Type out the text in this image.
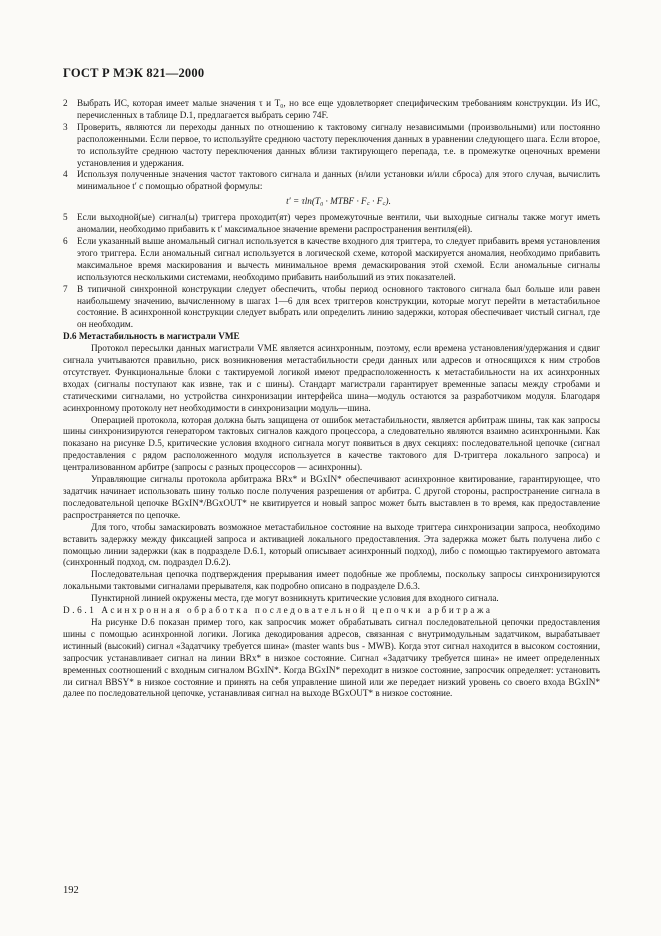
ГОСТ Р МЭК 821—2000
2	Выбрать ИС, которая имеет малые значения τ и Т₀, но все еще удовлетворяет специфическим требованиям конструкции. Из ИС, перечисленных в таблице D.1, предлагается выбрать серию 74F.
3	Проверить, являются ли переходы данных по отношению к тактовому сигналу независимыми (произвольными) или постоянно расположенными. Если первое, то используйте среднюю частоту переключения данных в уравнении следующего шага. Если второе, то используйте среднюю частоту переключения данных вблизи тактирующего перепада, т.е. в промежутке оценочных времени установления и удержания.
4	Используя полученные значения частот тактового сигнала и данных (н/или установки и/или сброса) для этого случая, вычислить минимальное t′ с помощью обратной формулы:
t′ = τln(T₀ · MTBF · F꜀ · F꜀).
5	Если выходной(ые) сигнал(ы) триггера проходит(ят) через промежуточные вентили, чьи выходные сигналы также могут иметь аномалии, необходимо прибавить к t′ максимальное значение времени распространения вентиля(ей).
6	Если указанный выше аномальный сигнал используется в качестве входного для триггера, то следует прибавить время установления этого триггера. Если аномальный сигнал используется в логической схеме, которой маскируется аномалия, необходимо прибавить максимальное время маскирования и вычесть минимальное время демаскирования этой схемой. Если аномальные сигналы используются несколькими системами, необходимо прибавить наибольший из этих показателей.
7	В типичной синхронной конструкции следует обеспечить, чтобы период основного тактового сигнала был больше или равен наибольшему значению, вычисленному в шагах 1—6 для всех триггеров конструкции, которые могут перейти в метастабильное состояние. В асинхронной конструкции следует выбрать или определить линию задержки, которая обеспечивает чистый сигнал, где он необходим.

D.6 Метастабильность в магистрали VME

Протокол пересылки данных магистрали VME является асинхронным, поэтому, если времена установления/удержания и сдвиг сигнала учитываются правильно, риск возникновения метастабильности среди данных или адресов и относящихся к ним стробов отсутствует. Функциональные блоки с тактируемой логикой имеют предрасположенность к метастабильности на их асинхронных входах (сигналы поступают как извне, так и с шины). Стандарт магистрали гарантирует временные запасы между стробами и статическими сигналами, но устройства синхронизации интерфейса шина—модуль остаются за разработчиком модуля. Благодаря асинхронному протоколу нет необходимости в синхронизации модуль—шина.

Операцией протокола, которая должна быть защищена от ошибок метастабильности, является арбитраж шины, так как запросы шины синхронизируются генератором тактовых сигналов каждого процессора, а следовательно являются взаимно асинхронными. Как показано на рисунке D.5, критические условия входного сигнала могут появиться в двух секциях: последовательной цепочке (сигнал предоставления с рядом расположенного модуля используется в качестве тактового для D-триггера локального запроса) и централизованном арбитре (запросы с разных процессоров — асинхронны).

Управляющие сигналы протокола арбитража BRx* и BGxIN* обеспечивают асинхронное квитирование, гарантирующее, что задатчик начинает использовать шину только после получения разрешения от арбитра. С другой стороны, распространение сигнала в последовательной цепочке BGxIN*/BGxOUT* не квитируется и новый запрос может быть выставлен в то время, как предоставление распространяется по цепочке.

Для того, чтобы замаскировать возможное метастабильное состояние на выходе триггера синхронизации запроса, необходимо вставить задержку между фиксацией запроса и активацией локального предоставления. Эта задержка может быть получена либо с помощью линии задержки (как в подразделе D.6.1, который описывает асинхронный подход), либо с помощью тактируемого автомата (синхронный подход, см. подраздел D.6.2).

Последовательная цепочка подтверждения прерывания имеет подобные же проблемы, поскольку запросы синхронизируются локальными тактовыми сигналами прерывателя, как подробно описано в подразделе D.6.3.

Пунктирной линией окружены места, где могут возникнуть критические условия для входного сигнала.

D.6.1 Асинхронная обработка последовательной цепочки арбитража

На рисунке D.6 показан пример того, как запросчик может обрабатывать сигнал последовательной цепочки предоставления шины с помощью асинхронной логики. Логика декодирования адресов, связанная с внутримодульным задатчиком, вырабатывает истинный (высокий) сигнал «Задатчику требуется шина» (master wants bus - MWB). Когда этот сигнал находится в высоком состоянии, запросчик устанавливает сигнал на линии BRx* в низкое состояние. Сигнал «Задатчику требуется шина» не имеет определенных временных соотношений с входным сигналом BGxIN*. Когда BGxIN* переходит в низкое состояние, запросчик определяет: установить ли сигнал BBSY* в низкое состояние и принять на себя управление шиной или же передает низкий уровень со своего входа BGxIN* далее по последовательной цепочке, устанавливая сигнал на выходе BGxOUT* в низкое состояние.

192
